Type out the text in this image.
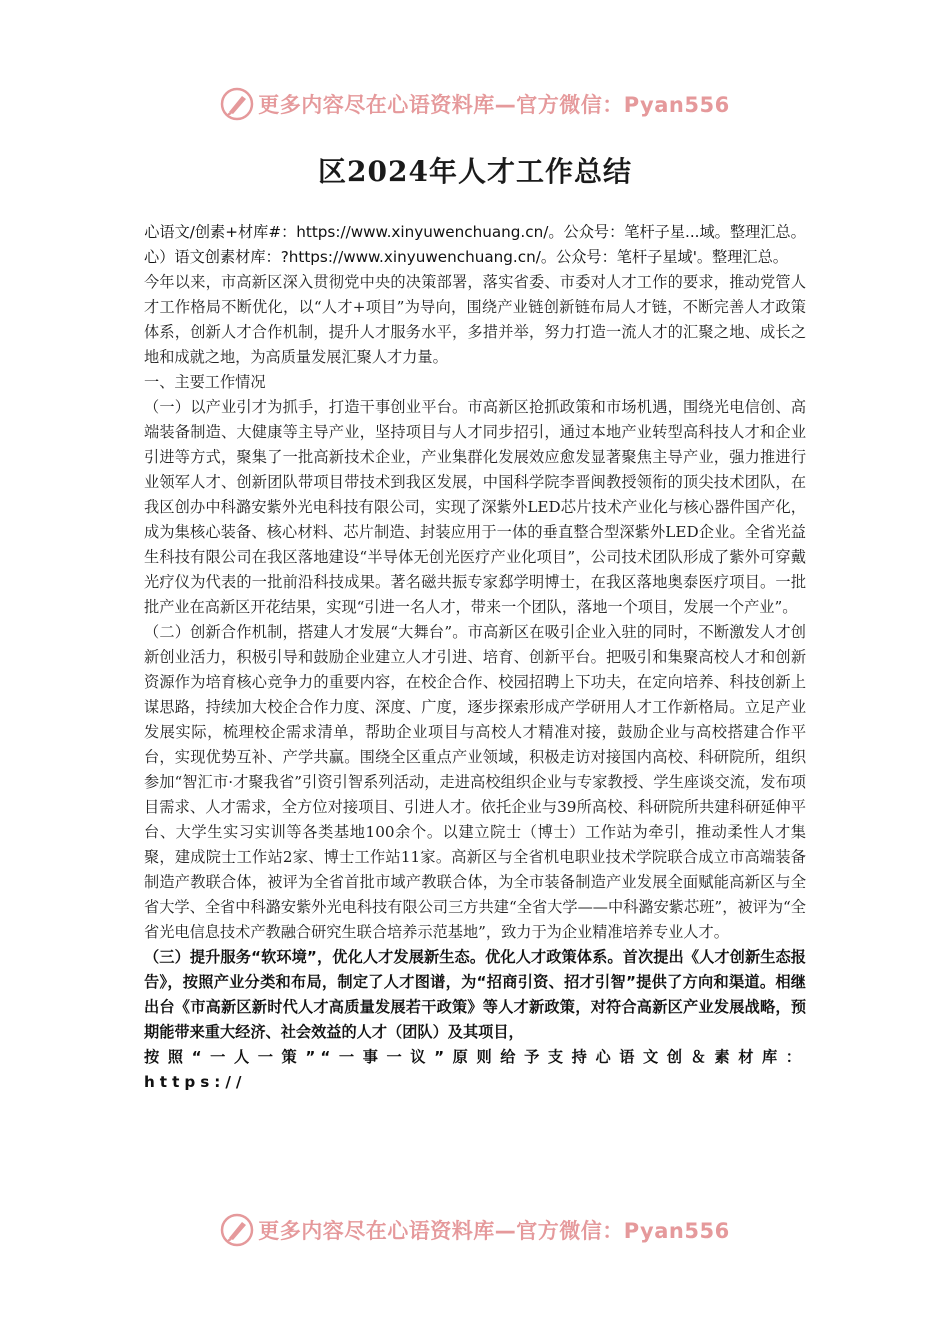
更多内容尽在心语资料库—官方微信：Pyan556
区2024年人才工作总结

心语文/创素+材库#：https://www.xinyuwenchuang.cn/。公众号：笔杆子星...域。整理汇总。

心）语文创素材库：?https://www.xinyuwenchuang.cn/。公众号：笔杆子星域'。整理汇总。

今年以来，市高新区深入贯彻党中央的决策部署，落实省委、市委对人才工作的要求，推动党管人才工作格局不断优化，以“人才+项目”为导向，围绕产业链创新链布局人才链，不断完善人才政策体系，创新人才合作机制，提升人才服务水平，多措并举，努力打造一流人才的汇聚之地、成长之地和成就之地，为高质量发展汇聚人才力量。

一、主要工作情况

（一）以产业引才为抓手，打造干事创业平台。市高新区抢抓政策和市场机遇，围绕光电信创、高端装备制造、大健康等主导产业，坚持项目与人才同步招引，通过本地产业转型高科技人才和企业引进等方式，聚集了一批高新技术企业，产业集群化发展效应愈发显著聚焦主导产业，强力推进行业领军人才、创新团队带项目带技术到我区发展，中国科学院李晋闽教授领衔的顶尖技术团队，在我区创办中科潞安紫外光电科技有限公司，实现了深紫外LED芯片技术产业化与核心器件国产化，成为集核心装备、核心材料、芯片制造、封装应用于一体的垂直整合型深紫外LED企业。全省光益生科技有限公司在我区落地建设“半导体无创光医疗产业化项目”，公司技术团队形成了紫外可穿戴光疗仪为代表的一批前沿科技成果。著名磁共振专家郄学明博士，在我区落地奥泰医疗项目。一批批产业在高新区开花结果，实现“引进一名人才，带来一个团队，落地一个项目，发展一个产业”。

（二）创新合作机制，搭建人才发展“大舞台”。市高新区在吸引企业入驻的同时，不断激发人才创新创业活力，积极引导和鼓励企业建立人才引进、培育、创新平台。把吸引和集聚高校人才和创新资源作为培育核心竞争力的重要内容，在校企合作、校园招聘上下功夫，在定向培养、科技创新上谋思路，持续加大校企合作力度、深度、广度，逐步探索形成产学研用人才工作新格局。立足产业发展实际，梳理校企需求清单，帮助企业项目与高校人才精准对接，鼓励企业与高校搭建合作平台，实现优势互补、产学共赢。围绕全区重点产业领域，积极走访对接国内高校、科研院所，组织参加“智汇市·才聚我省”引资引智系列活动，走进高校组织企业与专家教授、学生座谈交流，发布项目需求、人才需求，全方位对接项目、引进人才。依托企业与39所高校、科研院所共建科研延伸平台、大学生实习实训等各类基地100余个。以建立院士（博士）工作站为牵引，推动柔性人才集聚，建成院士工作站2家、博士工作站11家。高新区与全省机电职业技术学院联合成立市高端装备制造产教联合体，被评为全省首批市域产教联合体，为全市装备制造产业发展全面赋能高新区与全省大学、全省中科潞安紫外光电科技有限公司三方共建“全省大学——中科潞安紫芯班”，被评为“全省光电信息技术产教融合研究生联合培养示范基地”，致力于为企业精准培养专业人才。

（三）提升服务“软环境”，优化人才发展新生态。优化人才政策体系。首次提出《人才创新生态报告》，按照产业分类和布局，制定了人才图谱，为“招商引资、招才引智”提供了方向和渠道。相继出台《市高新区新时代人才高质量发展若干政策》等人才新政策，对符合高新区产业发展战略，预期能带来重大经济、社会效益的人才（团队）及其项目，

按照“一人一策”“一事一议”原则给予支持心语文创＆素材库：https://

更多内容尽在心语资料库—官方微信：Pyan556
